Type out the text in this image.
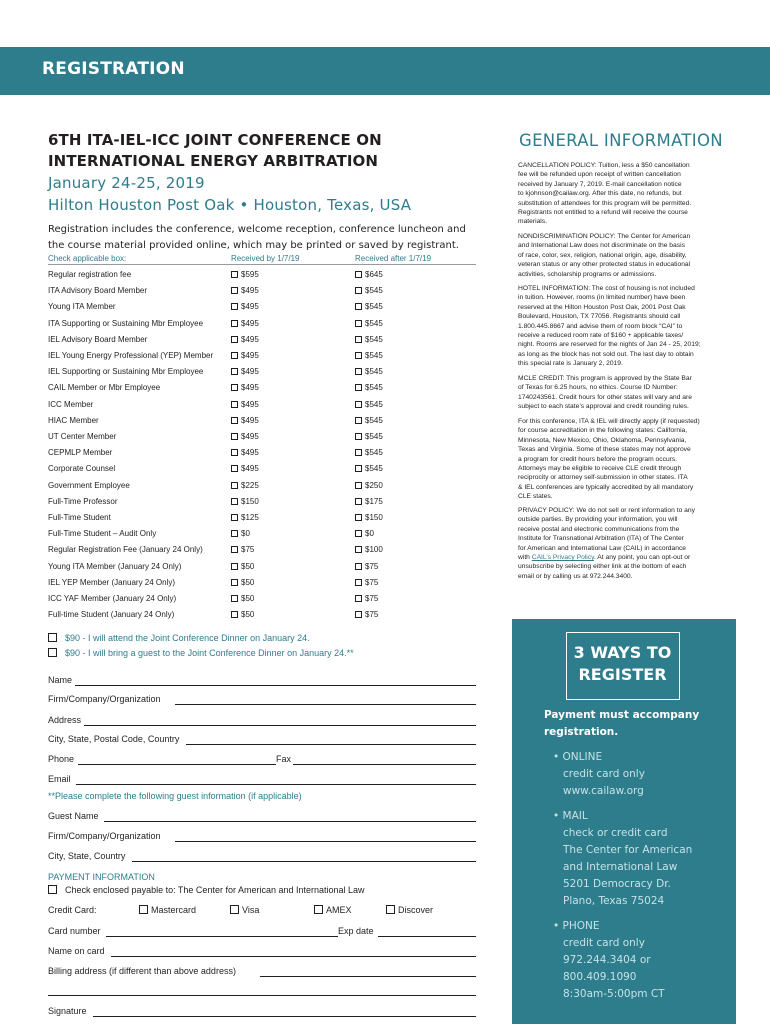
REGISTRATION
6TH ITA-IEL-ICC JOINT CONFERENCE ON
INTERNATIONAL ENERGY ARBITRATION
January 24-25, 2019
Hilton Houston Post Oak • Houston, Texas, USA
Registration includes the conference, welcome reception, conference luncheon and
the course material provided online, which may be printed or saved by registrant.
Check applicable box:	Received by 1/7/19	Received after 1/7/19
Regular registration fee	$595	$645
ITA Advisory Board Member	$495	$545
Young ITA Member	$495	$545
ITA Supporting or Sustaining Mbr Employee	$495	$545
IEL Advisory Board Member	$495	$545
IEL Young Energy Professional (YEP) Member	$495	$545
IEL Supporting or Sustaining Mbr Employee	$495	$545
CAIL Member or Mbr Employee	$495	$545
ICC Member	$495	$545
HIAC Member	$495	$545
UT Center Member	$495	$545
CEPMLP Member	$495	$545
Corporate Counsel	$495	$545
Government Employee	$225	$250
Full-Time Professor	$150	$175
Full-Time Student	$125	$150
Full-Time Student – Audit Only	$0	$0
Regular Registration Fee (January 24 Only)	$75	$100
Young ITA Member (January 24 Only)	$50	$75
IEL YEP Member (January 24 Only)	$50	$75
ICC YAF Member (January 24 Only)	$50	$75
Full-time Student (January 24 Only)	$50	$75
$90 - I will attend the Joint Conference Dinner on January 24.
$90 - I will bring a guest to the Joint Conference Dinner on January 24.**
Name
Firm/Company/Organization
Address
City, State, Postal Code, Country
Phone	Fax
Email
**Please complete the following guest information (if applicable)
Guest Name
Firm/Company/Organization
City, State, Country
PAYMENT INFORMATION
Check enclosed payable to: The Center for American and International Law
Credit Card:	Mastercard	Visa	AMEX	Discover
Card number	Exp date
Name on card
Billing address (if different than above address)
Signature
GENERAL INFORMATION
CANCELLATION POLICY: Tuition, less a $50 cancellation
fee will be refunded upon receipt of written cancellation
received by January 7, 2019. E-mail cancellation notice
to kjohnson@cailaw.org. After this date, no refunds, but
substitution of attendees for this program will be permitted.
Registrants not entitled to a refund will receive the course
materials.
NONDISCRIMINATION POLICY: The Center for American
and International Law does not discriminate on the basis
of race, color, sex, religion, national origin, age, disability,
veteran status or any other protected status in educational
activities, scholarship programs or admissions.
HOTEL INFORMATION: The cost of housing is not included
in tuition. However, rooms (in limited number) have been
reserved at the Hilton Houston Post Oak, 2001 Post Oak
Boulevard, Houston, TX 77056. Registrants should call
1.800.445.8667 and advise them of room block “CAI” to
receive a reduced room rate of $160 + applicable taxes/
night. Rooms are reserved for the nights of Jan 24 - 25, 2019;
as long as the block has not sold out. The last day to obtain
this special rate is January 2, 2019.
MCLE CREDIT: This program is approved by the State Bar
of Texas for 6.25 hours, no ethics. Course ID Number:
1740243561. Credit hours for other states will vary and are
subject to each state’s approval and credit rounding rules.
For this conference, ITA & IEL will directly apply (if requested)
for course accreditation in the following states: California,
Minnesota, New Mexico, Ohio, Oklahoma, Pennsylvania,
Texas and Virginia. Some of these states may not approve
a program for credit hours before the program occurs.
Attorneys may be eligible to receive CLE credit through
reciprocity or attorney self-submission in other states. ITA
& IEL conferences are typically accredited by all mandatory
CLE states.
PRIVACY POLICY: We do not sell or rent information to any
outside parties. By providing your information, you will
receive postal and electronic communications from the
Institute for Transnational Arbitration (ITA) of The Center
for American and International Law (CAIL) in accordance
with CAIL’s Privacy Policy. At any point, you can opt-out or
unsubscribe by selecting either link at the bottom of each
email or by calling us at 972.244.3400.
3 WAYS TO
REGISTER
Payment must accompany
registration.
• ONLINE
credit card only
www.cailaw.org
• MAIL
check or credit card
The Center for American
and International Law
5201 Democracy Dr.
Plano, Texas 75024
• PHONE
credit card only
972.244.3404 or
800.409.1090
8:30am-5:00pm CT
